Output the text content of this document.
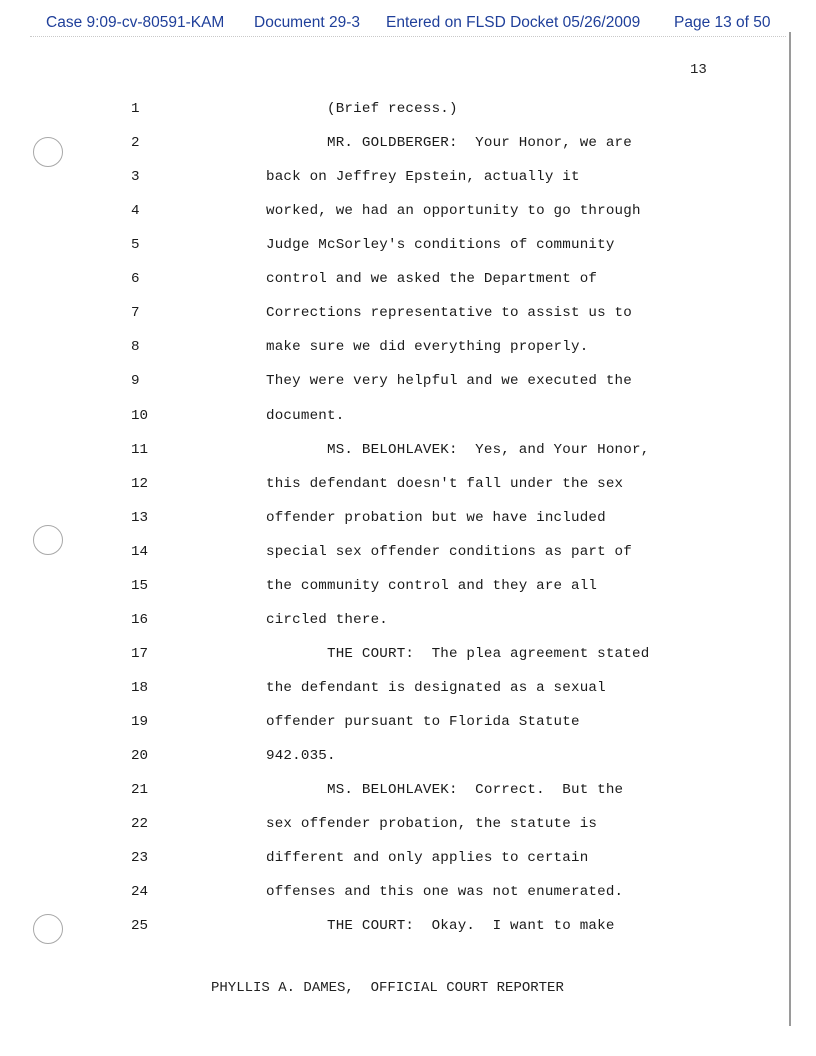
Case 9:09-cv-80591-KAM Document 29-3 Entered on FLSD Docket 05/26/2009 Page 13 of 50
13
1	(Brief recess.)
2	MR. GOLDBERGER:  Your Honor, we are
3	back on Jeffrey Epstein, actually it
4	worked, we had an opportunity to go through
5	Judge McSorley's conditions of community
6	control and we asked the Department of
7	Corrections representative to assist us to
8	make sure we did everything properly.
9	They were very helpful and we executed the
10	document.
11	MS. BELOHLAVEK:  Yes, and Your Honor,
12	this defendant doesn't fall under the sex
13	offender probation but we have included
14	special sex offender conditions as part of
15	the community control and they are all
16	circled there.
17	THE COURT:  The plea agreement stated
18	the defendant is designated as a sexual
19	offender pursuant to Florida Statute
20	942.035.
21	MS. BELOHLAVEK:  Correct.  But the
22	sex offender probation, the statute is
23	different and only applies to certain
24	offenses and this one was not enumerated.
25	THE COURT:  Okay.  I want to make
PHYLLIS A. DAMES,  OFFICIAL COURT REPORTER
